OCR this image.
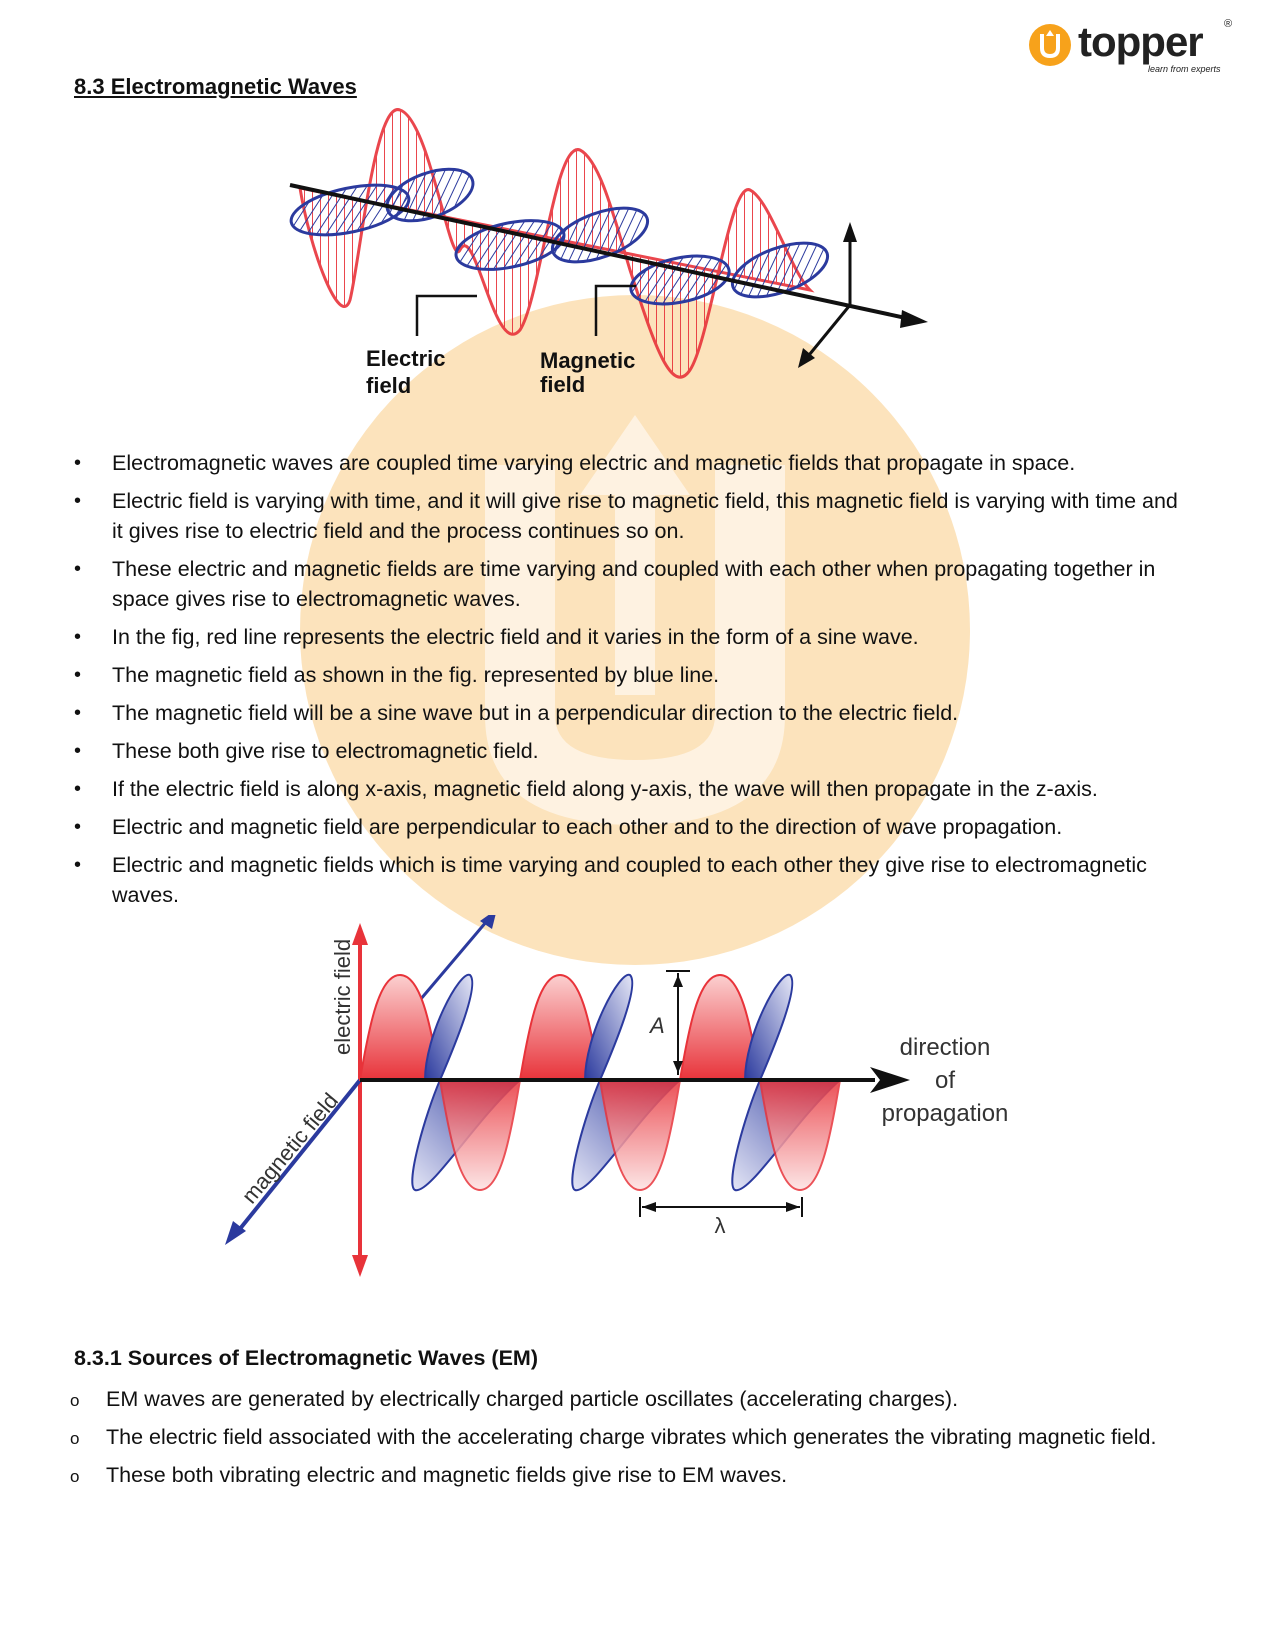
topper ®
learn from experts
8.3 Electromagnetic Waves
Electric
field
Magnetic
field
• Electromagnetic waves are coupled time varying electric and magnetic fields that propagate in space.
• Electric field is varying with time, and it will give rise to magnetic field, this magnetic field is varying with time and it gives rise to electric field and the process continues so on.
• These electric and magnetic fields are time varying and coupled with each other when propagating together in space gives rise to electromagnetic waves.
• In the fig, red line represents the electric field and it varies in the form of a sine wave.
• The magnetic field as shown in the fig. represented by blue line.
• The magnetic field will be a sine wave but in a perpendicular direction to the electric field.
• These both give rise to electromagnetic field.
• If the electric field is along x-axis, magnetic field along y-axis, the wave will then propagate in the z-axis.
• Electric and magnetic field are perpendicular to each other and to the direction of wave propagation.
• Electric and magnetic fields which is time varying and coupled to each other they give rise to electromagnetic waves.
A
λ
electric field
magnetic field
direction
of
propagation
8.3.1 Sources of Electromagnetic Waves (EM)
o EM waves are generated by electrically charged particle oscillates (accelerating charges).
o The electric field associated with the accelerating charge vibrates which generates the vibrating magnetic field.
o These both vibrating electric and magnetic fields give rise to EM waves.
